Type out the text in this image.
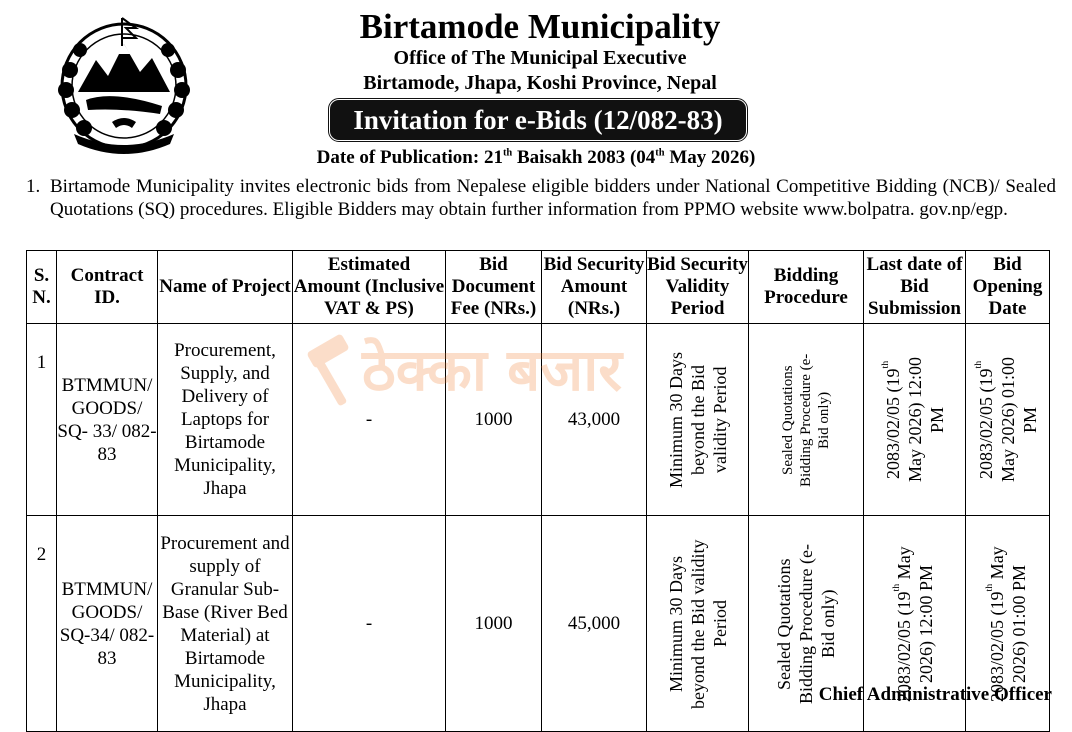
Birtamode Municipality
Office of The Municipal Executive
Birtamode, Jhapa, Koshi Province, Nepal
Invitation for e-Bids (12/082-83)
Date of Publication: 21th Baisakh 2083 (04th May 2026)
1. Birtamode Municipality invites electronic bids from Nepalese eligible bidders under National Competitive Bidding (NCB)/ Sealed Quotations (SQ) procedures. Eligible Bidders may obtain further information from PPMO website www.bolpatra. gov.np/egp.
S. N.	Contract ID.	Name of Project	Estimated Amount (Inclusive VAT & PS)	Bid Document Fee (NRs.)	Bid Security Amount (NRs.)	Bid Security Validity Period	Bidding Procedure	Last date of Bid Submission	Bid Opening Date
1	BTMMUN/ GOODS/ SQ- 33/ 082-83	Procurement, Supply, and Delivery of Laptops for Birtamode Municipality, Jhapa	-	1000	43,000	Minimum 30 Days beyond the Bid validity Period	Sealed Quotations Bidding Procedure (e-Bid only)	2083/02/05 (19th May 2026) 12:00 PM	2083/02/05 (19th May 2026) 01:00 PM

2	BTMMUN/ GOODS/ SQ-34/ 082-83	Procurement and supply of Granular Sub-Base (River Bed Material) at Birtamode Municipality, Jhapa	-	1000	45,000	Minimum 30 Days beyond the Bid validity Period	Sealed Quotations Bidding Procedure (e-Bid only)	2083/02/05 (19th May 2026) 12:00 PM	2083/02/05 (19th May 2026) 01:00 PM
ठेक्का बजार
Chief Administrative Officer
